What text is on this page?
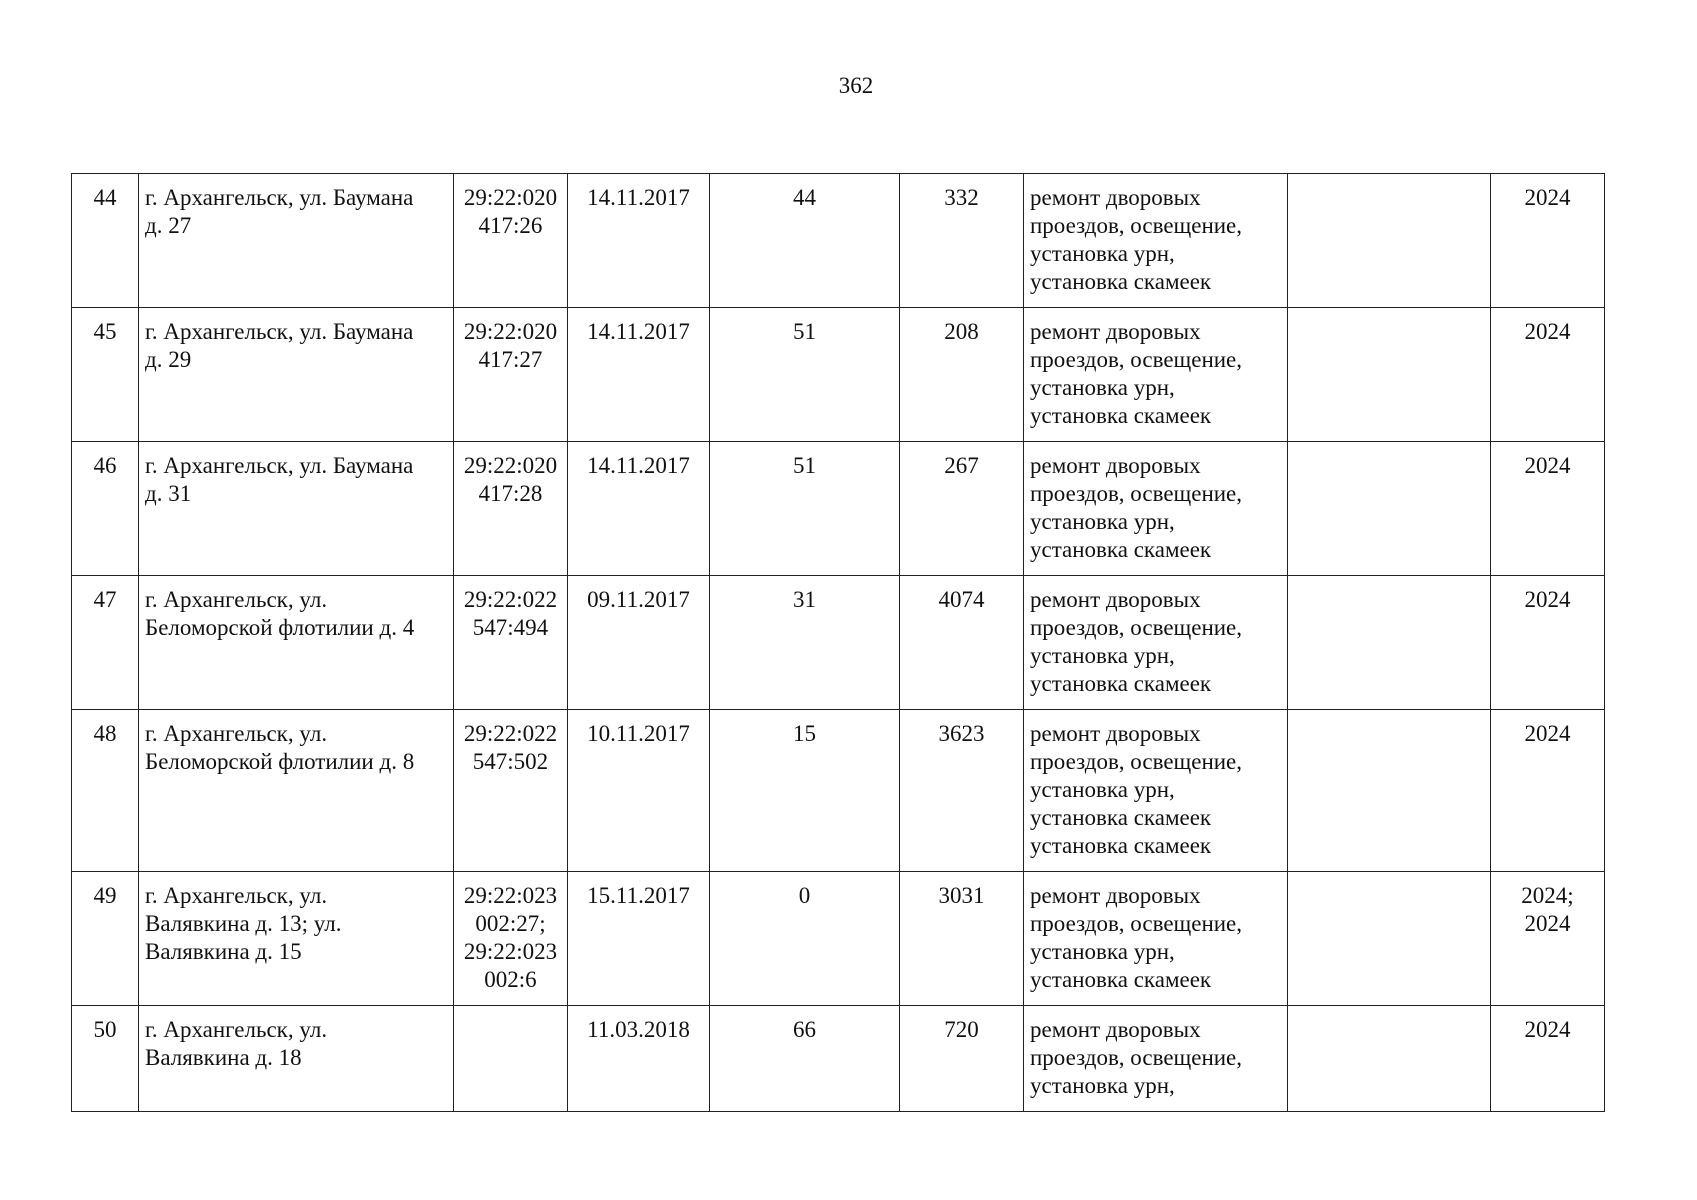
362
44	г. Архангельск, ул. Баумана
д. 27	29:22:020
417:26	14.11.2017	44	332	ремонт дворовых
проездов, освещение,
установка урн,
установка скамеек		2024

45	г. Архангельск, ул. Баумана
д. 29	29:22:020
417:27	14.11.2017	51	208	ремонт дворовых
проездов, освещение,
установка урн,
установка скамеек		2024

46	г. Архангельск, ул. Баумана
д. 31	29:22:020
417:28	14.11.2017	51	267	ремонт дворовых
проездов, освещение,
установка урн,
установка скамеек		2024

47	г. Архангельск, ул.
Беломорской флотилии д. 4	29:22:022
547:494	09.11.2017	31	4074	ремонт дворовых
проездов, освещение,
установка урн,
установка скамеек		2024

48	г. Архангельск, ул.
Беломорской флотилии д. 8	29:22:022
547:502	10.11.2017	15	3623	ремонт дворовых
проездов, освещение,
установка урн,
установка скамеек
установка скамеек		2024

49	г. Архангельск, ул.
Валявкина д. 13; ул.
Валявкина д. 15	29:22:023
002:27;
29:22:023
002:6	15.11.2017	0	3031	ремонт дворовых
проездов, освещение,
установка урн,
установка скамеек		2024;
2024

50	г. Архангельск, ул.
Валявкина д. 18		11.03.2018	66	720	ремонт дворовых
проездов, освещение,
установка урн,		2024
